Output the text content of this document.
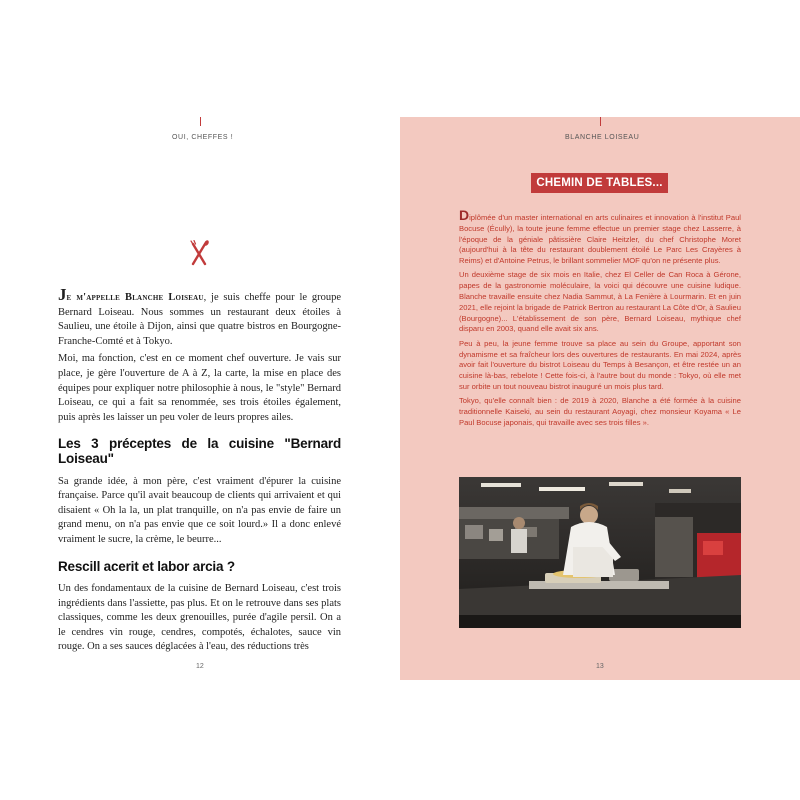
OUI, CHEFFES !

Je m'appelle Blanche Loiseau, je suis cheffe pour le groupe Bernard Loiseau. Nous sommes un restaurant deux étoiles à Saulieu, une étoile à Dijon, ainsi que quatre bistros en Bourgogne-Franche-Comté et à Tokyo.

Moi, ma fonction, c'est en ce moment chef ouverture. Je vais sur place, je gère l'ouverture de A à Z, la carte, la mise en place des équipes pour expliquer notre philosophie à nous, le "style" Bernard Loiseau, ce qui a fait sa renommée, ses trois étoiles également, puis après les laisser un peu voler de leurs propres ailes.

Les 3 préceptes de la cuisine "Bernard Loiseau"

Sa grande idée, à mon père, c'est vraiment d'épurer la cuisine française. Parce qu'il avait beaucoup de clients qui arrivaient et qui disaient « Oh la la, un plat tranquille, on n'a pas envie de faire un grand menu, on n'a pas envie que ce soit lourd.» Il a donc enlevé vraiment le sucre, la crème, le beurre...

Rescill acerit et labor arcia ?

Un des fondamentaux de la cuisine de Bernard Loiseau, c'est trois ingrédients dans l'assiette, pas plus. Et on le retrouve dans ses plats classiques, comme les deux grenouilles, purée d'agile persil. On a le cendres vin rouge, cendres, compotés, échalotes, sauce vin rouge. On a ses sauces déglacées à l'eau, des réductions très

12
BLANCHE LOISEAU
CHEMIN DE TABLES...

Diplômée d'un master international en arts culinaires et innovation à l'institut Paul Bocuse (Écully), la toute jeune femme effectue un premier stage chez Lasserre, à l'époque de la géniale pâtissière Claire Heitzler, du chef Christophe Moret (aujourd'hui à la tête du restaurant doublement étoilé Le Parc Les Crayères à Reims) et d'Antoine Petrus, le brillant sommelier MOF qu'on ne présente plus.

Un deuxième stage de six mois en Italie, chez El Celler de Can Roca à Gérone, papes de la gastronomie moléculaire, la voici qui découvre une cuisine ludique. Blanche travaille ensuite chez Nadia Sammut, à La Fenière à Lourmarin. Et en juin 2021, elle rejoint la brigade de Patrick Bertron au restaurant La Côte d'Or, à Saulieu (Bourgogne)... L'établissement de son père, Bernard Loiseau, mythique chef disparu en 2003, quand elle avait six ans.

Peu à peu, la jeune femme trouve sa place au sein du Groupe, apportant son dynamisme et sa fraîcheur lors des ouvertures de restaurants. En mai 2024, après avoir fait l'ouverture du bistrot Loiseau du Temps à Besançon, et être restée un an cuisine là-bas, rebelote ! Cette fois-ci, à l'autre bout du monde : Tokyo, où elle met sur orbite un tout nouveau bistrot inauguré un mois plus tard.

Tokyo, qu'elle connaît bien : de 2019 à 2020, Blanche a été formée à la cuisine traditionnelle Kaiseki, au sein du restaurant Aoyagi, chez monsieur Koyama « Le Paul Bocuse japonais, qui travaille avec ses trois filles ».

13
